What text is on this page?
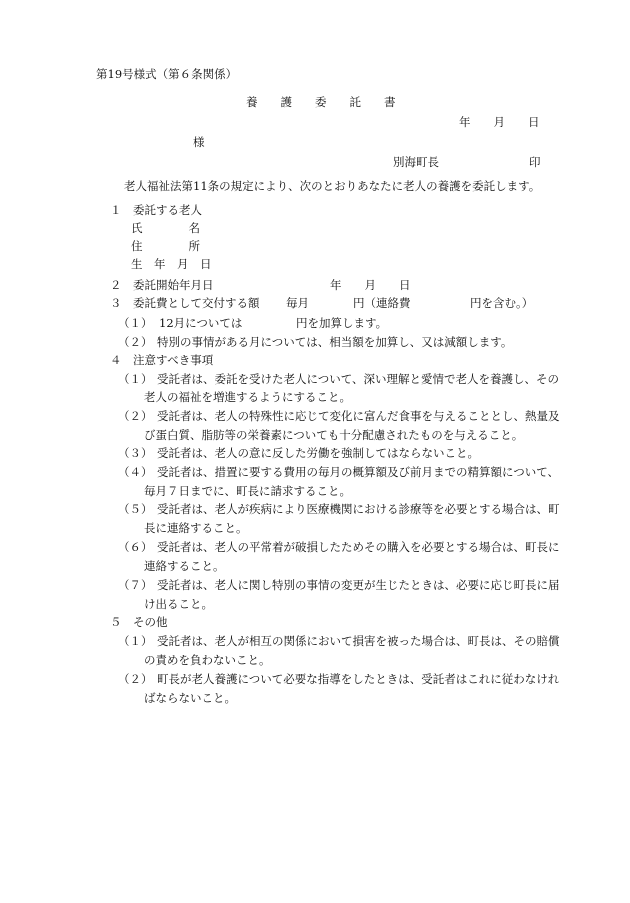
第19号様式（第６条関係）
養　　護　　委　　託　　書
年　　月　　日
様
別海町長	印
老人福祉法第11条の規定により、次のとおりあなたに老人の養護を委託します。
１　委託する老人
氏　　　　名
住　　　　所
生　年　月　日
２　委託開始年月日	年　　月　　日
３　委託費として交付する額 毎月	円（連絡費	円を含む。）
（１） 12月については	円を加算します。
（２） 特別の事情がある月については、相当額を加算し、又は減額します。
４　注意すべき事項
（１） 受託者は、委託を受けた老人について、深い理解と愛情で老人を養護し、その
老人の福祉を増進するようにすること。
（２） 受託者は、老人の特殊性に応じて変化に富んだ食事を与えることとし、熱量及
び蛋白質、脂肪等の栄養素についても十分配慮されたものを与えること。
（３） 受託者は、老人の意に反した労働を強制してはならないこと。
（４） 受託者は、措置に要する費用の毎月の概算額及び前月までの精算額について、
毎月７日までに、町長に請求すること。
（５） 受託者は、老人が疾病により医療機関における診療等を必要とする場合は、町
長に連絡すること。
（６） 受託者は、老人の平常着が破損したためその購入を必要とする場合は、町長に
連絡すること。
（７） 受託者は、老人に関し特別の事情の変更が生じたときは、必要に応じ町長に届
け出ること。
５　その他
（１） 受託者は、老人が相互の関係において損害を被った場合は、町長は、その賠償
の責めを負わないこと。
（２） 町長が老人養護について必要な指導をしたときは、受託者はこれに従わなけれ
ばならないこと。
